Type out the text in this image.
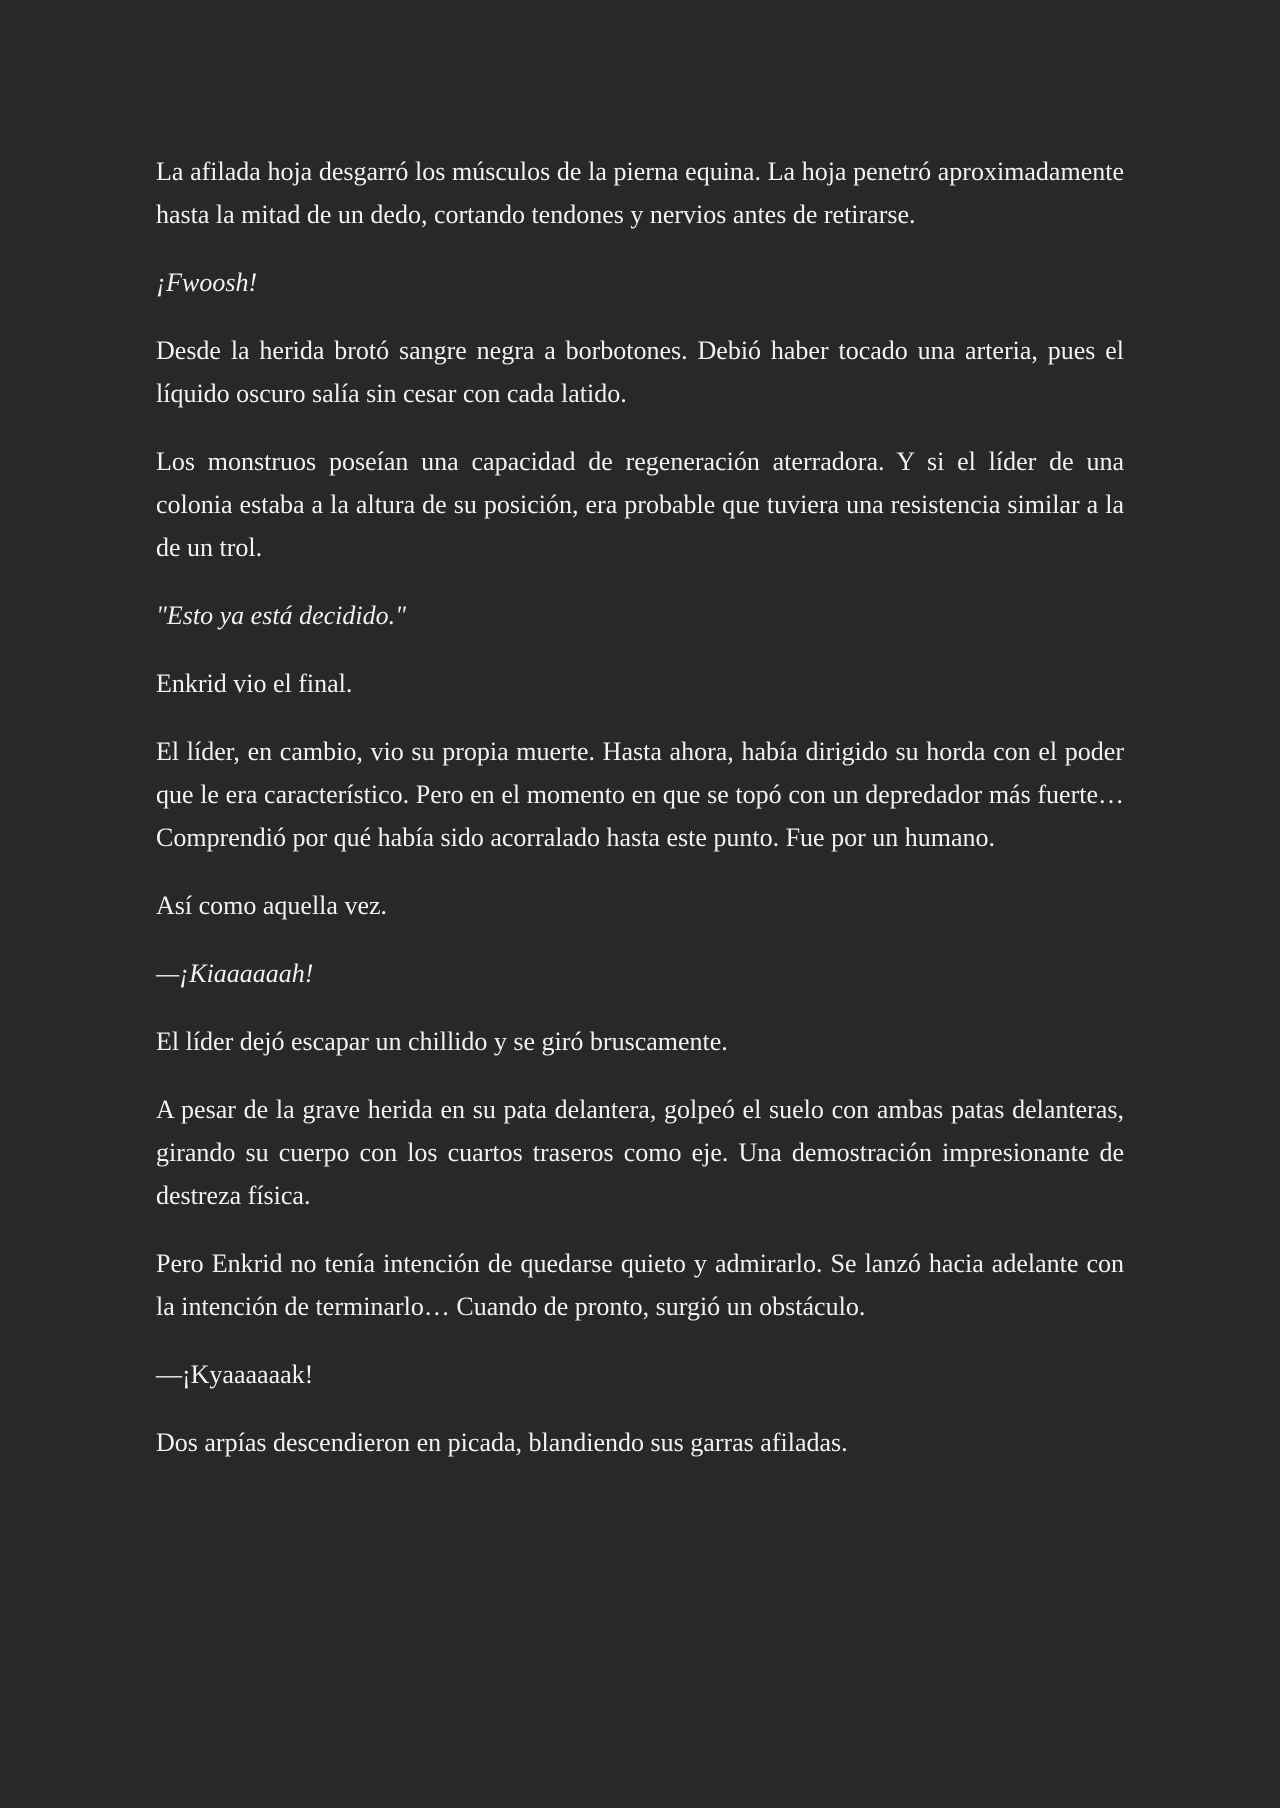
La afilada hoja desgarró los músculos de la pierna equina. La hoja penetró aproximadamente hasta la mitad de un dedo, cortando tendones y nervios antes de retirarse.

¡Fwoosh!

Desde la herida brotó sangre negra a borbotones. Debió haber tocado una arteria, pues el líquido oscuro salía sin cesar con cada latido.

Los monstruos poseían una capacidad de regeneración aterradora. Y si el líder de una colonia estaba a la altura de su posición, era probable que tuviera una resistencia similar a la de un trol.

"Esto ya está decidido."

Enkrid vio el final.

El líder, en cambio, vio su propia muerte. Hasta ahora, había dirigido su horda con el poder que le era característico. Pero en el momento en que se topó con un depredador más fuerte… Comprendió por qué había sido acorralado hasta este punto. Fue por un humano.

Así como aquella vez.

—¡Kiaaaaaah!

El líder dejó escapar un chillido y se giró bruscamente.

A pesar de la grave herida en su pata delantera, golpeó el suelo con ambas patas delanteras, girando su cuerpo con los cuartos traseros como eje. Una demostración impresionante de destreza física.

Pero Enkrid no tenía intención de quedarse quieto y admirarlo. Se lanzó hacia adelante con la intención de terminarlo… Cuando de pronto, surgió un obstáculo.

—¡Kyaaaaaak!

Dos arpías descendieron en picada, blandiendo sus garras afiladas.
